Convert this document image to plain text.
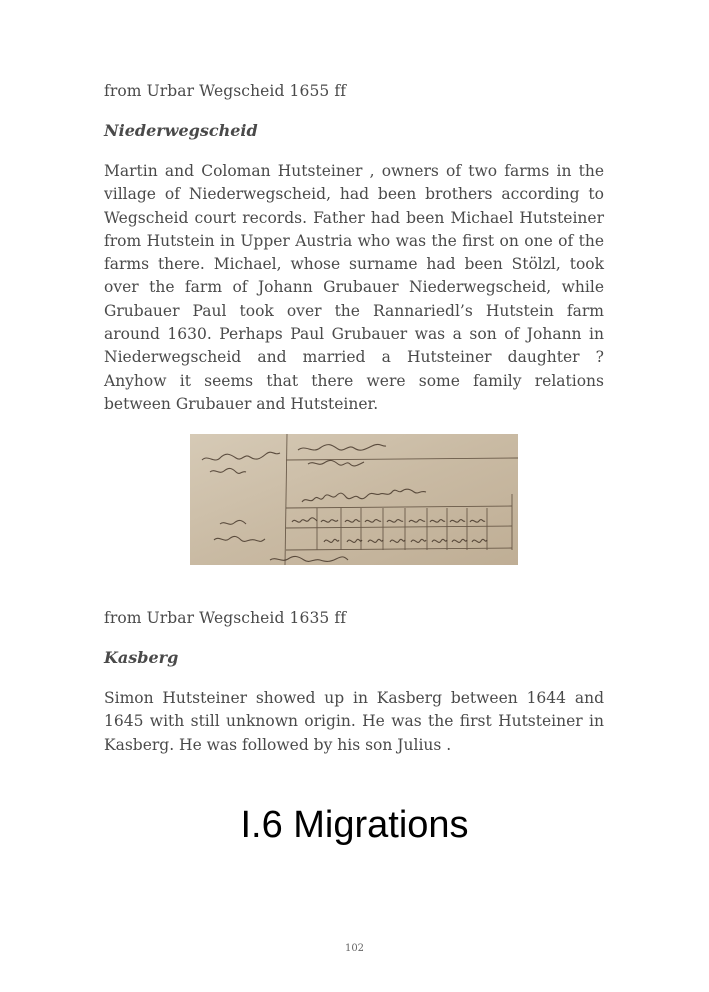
from Urbar Wegscheid 1655 ff
Niederwegscheid
Martin and Coloman Hutsteiner , owners of two farms in the
village of Niederwegscheid, had been brothers according to
Wegscheid court records. Father had been Michael Hutsteiner
from Hutstein in Upper Austria who was the first on one of the
farms there. Michael, whose surname had been Stölzl, took
over the farm of Johann Grubauer Niederwegscheid, while
Grubauer Paul took over the Rannariedl’s Hutstein farm
around 1630. Perhaps Paul Grubauer was a son of Johann in
Niederwegscheid and married a Hutsteiner daughter ?
Anyhow it seems that there were some family relations
between Grubauer and Hutsteiner.
from Urbar Wegscheid 1635 ff
Kasberg
Simon Hutsteiner showed up in Kasberg between 1644 and
1645 with still unknown origin. He was the first Hutsteiner in
Kasberg. He was followed by his son Julius .
I.6 Migrations
102
